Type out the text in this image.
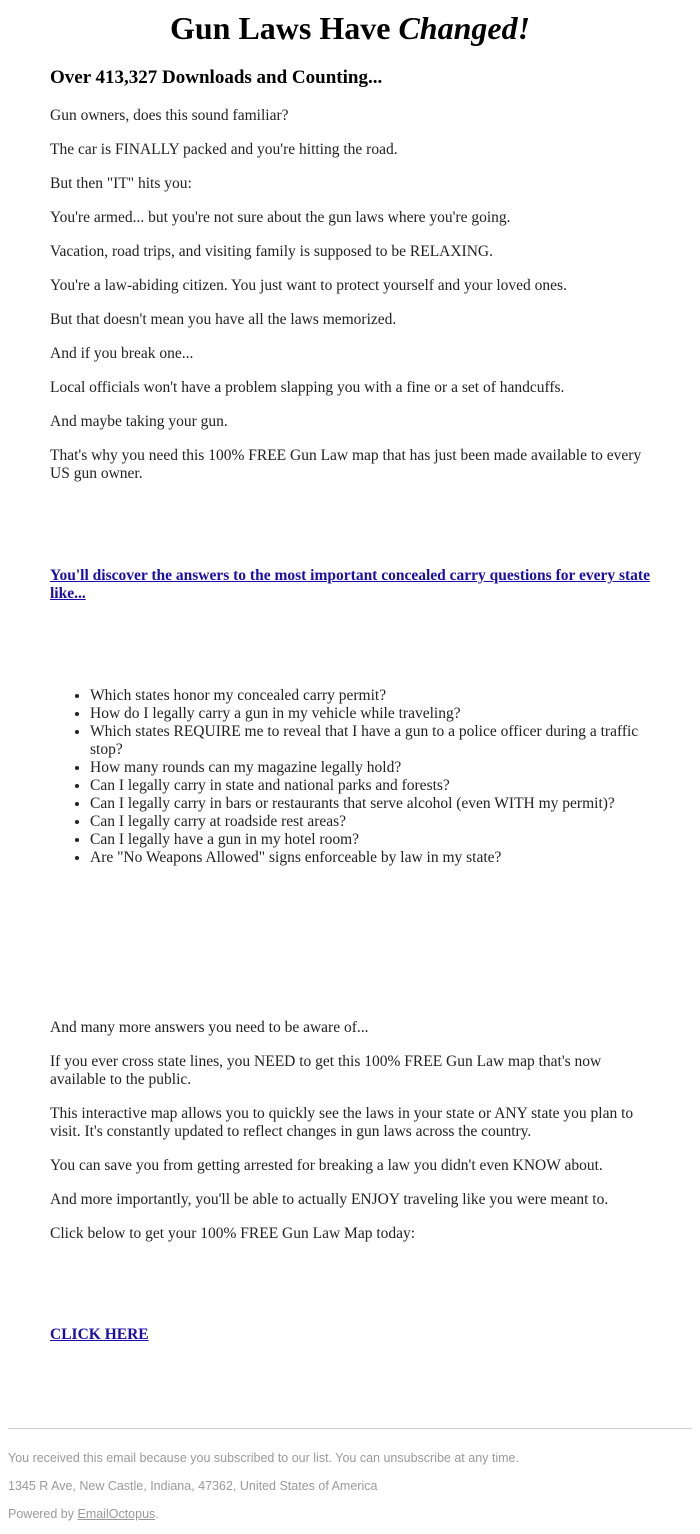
Gun Laws Have Changed!
Over 413,327 Downloads and Counting...

Gun owners, does this sound familiar?

The car is FINALLY packed and you're hitting the road.

But then "IT" hits you:

You're armed... but you're not sure about the gun laws where you're going.

Vacation, road trips, and visiting family is supposed to be RELAXING.

You're a law-abiding citizen. You just want to protect yourself and your loved ones.

But that doesn't mean you have all the laws memorized.

And if you break one...

Local officials won't have a problem slapping you with a fine or a set of handcuffs.

And maybe taking your gun.

That's why you need this 100% FREE Gun Law map that has just been made available to every US gun owner.

You'll discover the answers to the most important concealed carry questions for every state like...

• Which states honor my concealed carry permit?
• How do I legally carry a gun in my vehicle while traveling?
• Which states REQUIRE me to reveal that I have a gun to a police officer during a traffic stop?
• How many rounds can my magazine legally hold?
• Can I legally carry in state and national parks and forests?
• Can I legally carry in bars or restaurants that serve alcohol (even WITH my permit)?
• Can I legally carry at roadside rest areas?
• Can I legally have a gun in my hotel room?
• Are "No Weapons Allowed" signs enforceable by law in my state?

And many more answers you need to be aware of...

If you ever cross state lines, you NEED to get this 100% FREE Gun Law map that's now available to the public.

This interactive map allows you to quickly see the laws in your state or ANY state you plan to visit. It's constantly updated to reflect changes in gun laws across the country.

You can save you from getting arrested for breaking a law you didn't even KNOW about.

And more importantly, you'll be able to actually ENJOY traveling like you were meant to.

Click below to get your 100% FREE Gun Law Map today:

CLICK HERE

You received this email because you subscribed to our list. You can unsubscribe at any time.

1345 R Ave, New Castle, Indiana, 47362, United States of America

Powered by EmailOctopus.
